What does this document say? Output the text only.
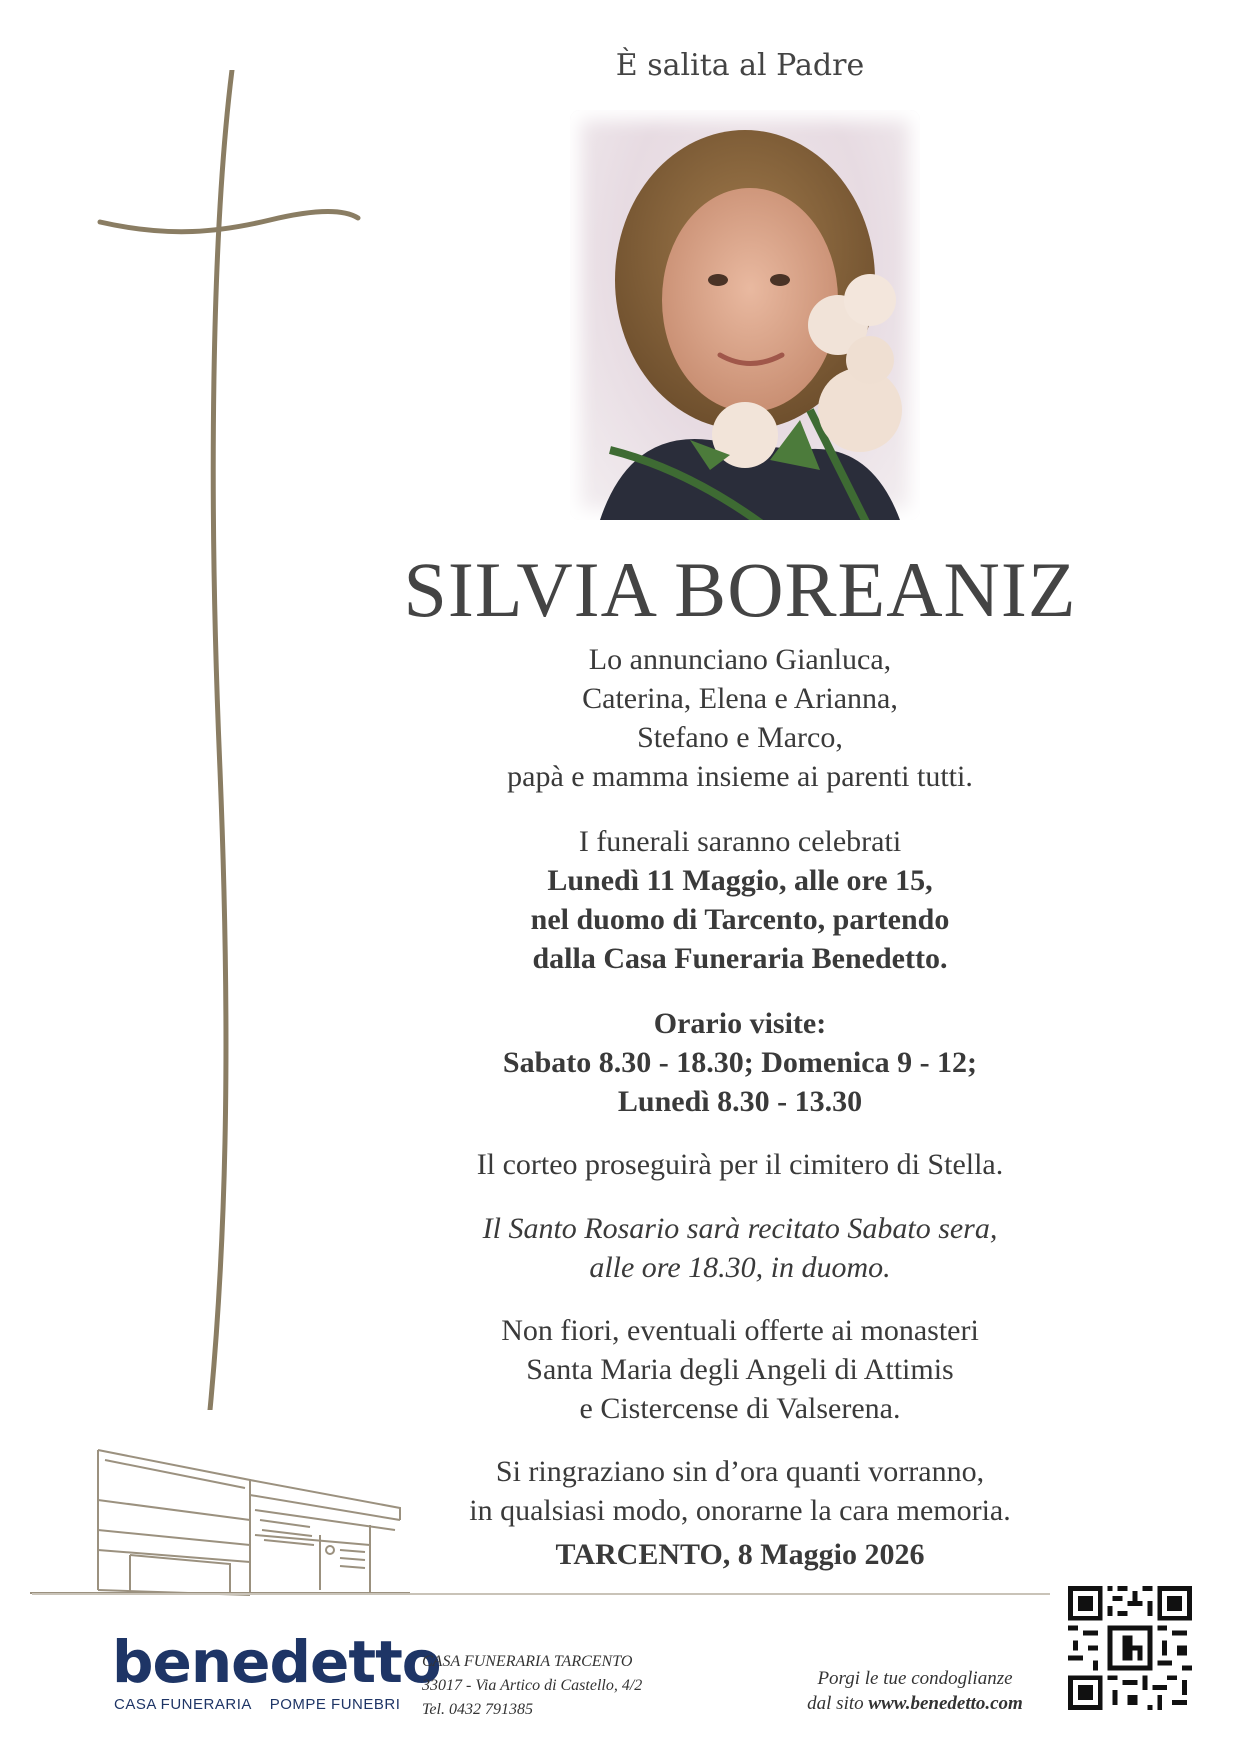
È salita al Padre
SILVIA BOREANIZ
Lo annunciano Gianluca,
Caterina, Elena e Arianna,
Stefano e Marco,
papà e mamma insieme ai parenti tutti.
I funerali saranno celebrati
Lunedì 11 Maggio, alle ore 15,
nel duomo di Tarcento, partendo
dalla Casa Funeraria Benedetto.
Orario visite:
Sabato 8.30 - 18.30; Domenica 9 - 12;
Lunedì 8.30 - 13.30
Il corteo proseguirà per il cimitero di Stella.
Il Santo Rosario sarà recitato Sabato sera,
alle ore 18.30, in duomo.
Non fiori, eventuali offerte ai monasteri
Santa Maria degli Angeli di Attimis
e Cistercense di Valserena.
Si ringraziano sin d’ora quanti vorranno,
in qualsiasi modo, onorarne la cara memoria.
TARCENTO, 8 Maggio 2026
benedetto
CASA FUNERARIA    POMPE FUNEBRI
CASA FUNERARIA TARCENTO
33017 - Via Artico di Castello, 4/2
Tel. 0432 791385
Porgi le tue condoglianze
dal sito www.benedetto.com
